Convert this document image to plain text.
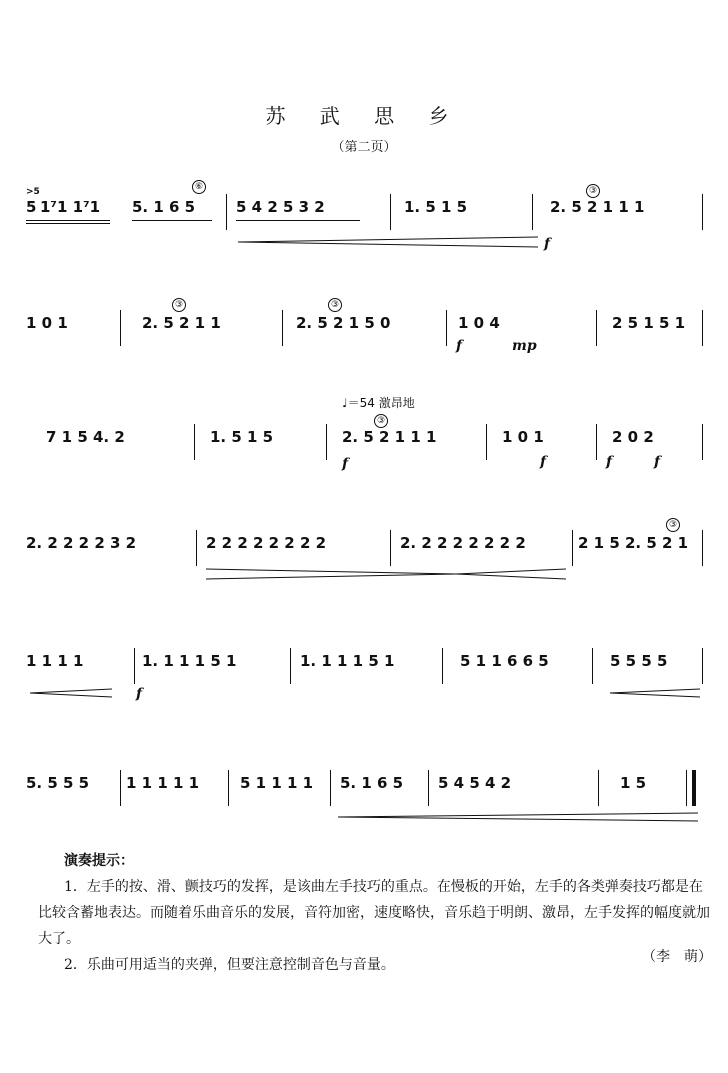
苏 武 思 乡
（第二页）
5
>5
1⁷1 1⁷1 5. 1 6 5
⑥
5 4 2 5 3 2	1. 5 1 5	2. 5 2 1 1 1
③
f
1 0 1	2. 5 2 1 1
③
2. 5 2 1 5 0
③
1 0 4
f	mp
2 5 1 5 1
♩＝54 激昂地
7 1 5 4. 2	1. 5 1 5	2. 5 2 1 1 1
③
f
1 0 1
f
2 0 2
f	f
2. 2 2 2 2 3 2	2 2 2 2 2 2 2 2	2. 2 2 2 2 2 2 2	2 1 5 2. 5 2 1
③
1 1 1 1	1. 1 1 1 5 1
f
1. 1 1 1 5 1	5 1 1 6 6 5	5 5 5 5
5. 5 5 5 1 1 1 1 1	5 1 1 1 1 5. 1 6 5 5 4 5 4 2	1 5
演奏提示：
1．左手的按、滑、颤技巧的发挥，是该曲左手技巧的重点。在慢板的开始，左手的各类弹奏技巧都是在比较含蓄地表达。而随着乐曲音乐的发展，音符加密，速度略快，音乐趋于明朗、激昂，左手发挥的幅度就加大了。
2．乐曲可用适当的夹弹，但要注意控制音色与音量。	（李　萌）
